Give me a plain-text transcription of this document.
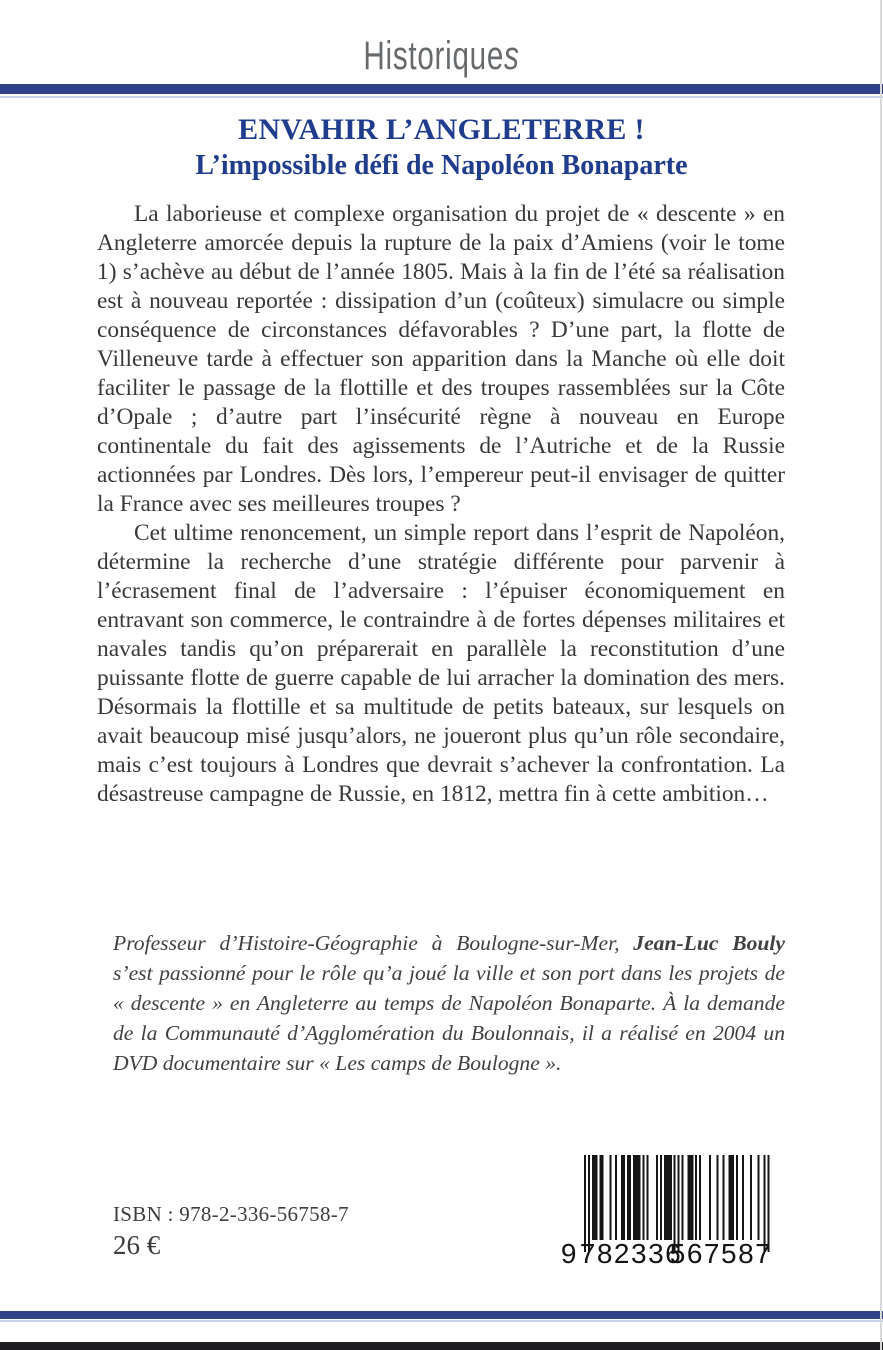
Historiques
ENVAHIR L’ANGLETERRE !
L’impossible défi de Napoléon Bonaparte

La laborieuse et complexe organisation du projet de « descente » en Angleterre amorcée depuis la rupture de la paix d’Amiens (voir le tome 1) s’achève au début de l’année 1805. Mais à la fin de l’été sa réalisation est à nouveau reportée : dissipation d’un (coûteux) simulacre ou simple conséquence de circonstances défavorables ? D’une part, la flotte de Villeneuve tarde à effectuer son apparition dans la Manche où elle doit faciliter le passage de la flottille et des troupes rassemblées sur la Côte d’Opale ; d’autre part l’insécurité règne à nouveau en Europe continentale du fait des agissements de l’Autriche et de la Russie actionnées par Londres. Dès lors, l’empereur peut-il envisager de quitter la France avec ses meilleures troupes ?

Cet ultime renoncement, un simple report dans l’esprit de Napoléon, détermine la recherche d’une stratégie différente pour parvenir à l’écrasement final de l’adversaire : l’épuiser économiquement en entravant son commerce, le contraindre à de fortes dépenses militaires et navales tandis qu’on préparerait en parallèle la reconstitution d’une puissante flotte de guerre capable de lui arracher la domination des mers. Désormais la flottille et sa multitude de petits bateaux, sur lesquels on avait beaucoup misé jusqu’alors, ne joueront plus qu’un rôle secondaire, mais c’est toujours à Londres que devrait s’achever la confrontation. La désastreuse campagne de Russie, en 1812, mettra fin à cette ambition…

Professeur d’Histoire-Géographie à Boulogne-sur-Mer, Jean-Luc Bouly s’est passionné pour le rôle qu’a joué la ville et son port dans les projets de « descente » en Angleterre au temps de Napoléon Bonaparte. À la demande de la Communauté d’Agglomération du Boulonnais, il a réalisé en 2004 un DVD documentaire sur « Les camps de Boulogne ».
ISBN : 978-2-336-56758-7
26 €	9 782336
567587
